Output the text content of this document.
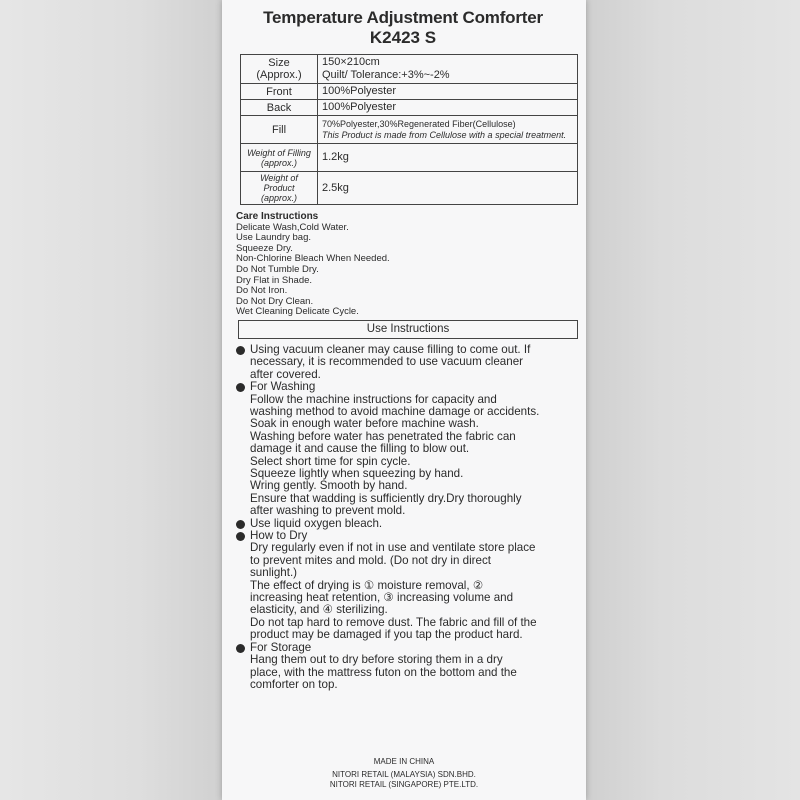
Temperature Adjustment Comforter
K2423 S
Size (Approx.)	150×210cm
Quilt/ Tolerance:+3%~-2%

Front	100%Polyester
Back	100%Polyester
Fill	70%Polyester,30%Regenerated Fiber(Cellulose)
This Product is made from Cellulose with a special treatment.

Weight of Filling (approx.)	1.2kg
Weight of Product (approx.)	2.5kg
Care Instructions
Delicate Wash,Cold Water.
Use Laundry bag.
Squeeze Dry.
Non-Chlorine Bleach When Needed.
Do Not Tumble Dry.
Dry Flat in Shade.
Do Not Iron.
Do Not Dry Clean.
Wet Cleaning Delicate Cycle.
Use Instructions

Using vacuum cleaner may cause filling to come out. If

necessary, it is recommended to use vacuum cleaner

after covered.

For Washing

Follow the machine instructions for capacity and

washing method to avoid machine damage or accidents.

Soak in enough water before machine wash.

Washing before water has penetrated the fabric can

damage it and cause the filling to blow out.

Select short time for spin cycle.

Squeeze lightly when squeezing by hand.

Wring gently. Smooth by hand.

Ensure that wadding is sufficiently dry.Dry thoroughly

after washing to prevent mold.

Use liquid oxygen bleach.

How to Dry

Dry regularly even if not in use and ventilate store place

to prevent mites and mold. (Do not dry in direct

sunlight.)

The effect of drying is ① moisture removal, ②

increasing heat retention, ③ increasing volume and

elasticity, and ④ sterilizing.

Do not tap hard to remove dust. The fabric and fill of the

product may be damaged if you tap the product hard.

For Storage

Hang them out to dry before storing them in a dry

place, with the mattress futon on the bottom and the

comforter on top.

MADE IN CHINA
NITORI RETAIL (MALAYSIA) SDN.BHD.
NITORI RETAIL (SINGAPORE) PTE.LTD.
